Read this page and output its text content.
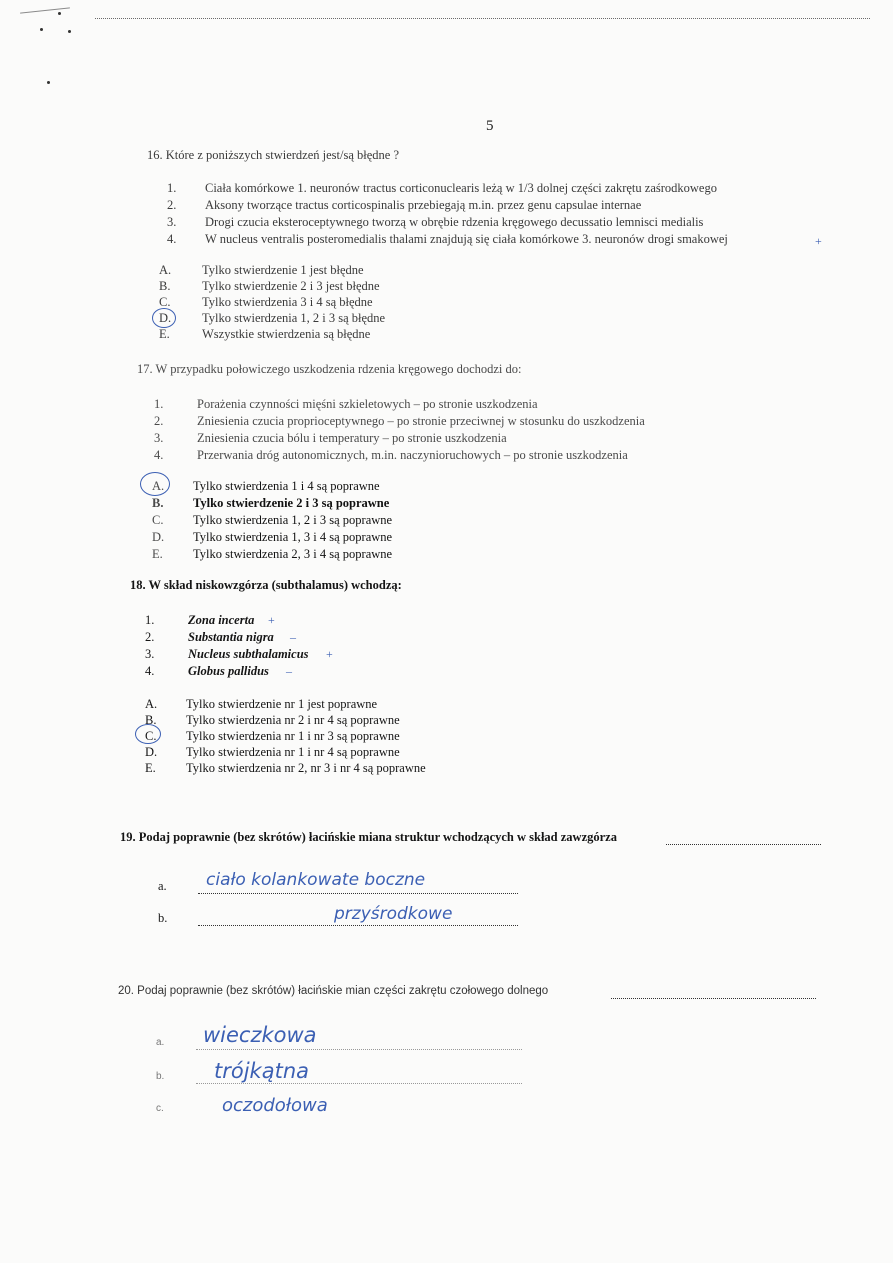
5
16. Które z poniższych stwierdzeń jest/są błędne ?
1. Ciała komórkowe 1. neuronów tractus corticonuclearis leżą w 1/3 dolnej części zakrętu zaśrodkowego
2. Aksony tworzące tractus corticospinalis przebiegają m.in. przez genu capsulae internae
3. Drogi czucia eksteroceptywnego tworzą w obrębie rdzenia kręgowego decussatio lemnisci medialis
4. W nucleus ventralis posteromedialis thalami znajdują się ciała komórkowe 3. neuronów drogi smakowej	+
A. Tylko stwierdzenie 1 jest błędne
B.	Tylko stwierdzenie 2 i 3 jest błędne
C.	Tylko stwierdzenia 3 i 4 są błędne
D. Tylko stwierdzenia 1, 2 i 3 są błędne
E.	Wszystkie stwierdzenia są błędne
17. W przypadku połowiczego uszkodzenia rdzenia kręgowego dochodzi do:
1.	Porażenia czynności mięśni szkieletowych – po stronie uszkodzenia
2.	Zniesienia czucia proprioceptywnego – po stronie przeciwnej w stosunku do uszkodzenia
3.	Zniesienia czucia bólu i temperatury – po stronie uszkodzenia
4.	Przerwania dróg autonomicznych, m.in. naczynioruchowych – po stronie uszkodzenia
A. Tylko stwierdzenia 1 i 4 są poprawne
B. Tylko stwierdzenie 2 i 3 są poprawne
C. Tylko stwierdzenia 1, 2 i 3 są poprawne
D. Tylko stwierdzenia 1, 3 i 4 są poprawne
E. Tylko stwierdzenia 2, 3 i 4 są poprawne
18. W skład niskowzgórza (subthalamus) wchodzą:
1.	Zona incerta +
2.	Substantia nigra –
3.	Nucleus subthalamicus +
4.	Globus pallidus –
A. Tylko stwierdzenie nr 1 jest poprawne
B. Tylko stwierdzenia nr 2 i nr 4 są poprawne
C. Tylko stwierdzenia nr 1 i nr 3 są poprawne
D. Tylko stwierdzenia nr 1 i nr 4 są poprawne
E. Tylko stwierdzenia nr 2, nr 3 i nr 4 są poprawne
19. Podaj poprawnie (bez skrótów) łacińskie miana struktur wchodzących w skład zawzgórza
a. ciało kolankowate boczne
b.	przyśrodkowe
20. Podaj poprawnie (bez skrótów) łacińskie mian części zakrętu czołowego dolnego
a. wieczkowa
b. trójkątna
c.	oczodołowa
